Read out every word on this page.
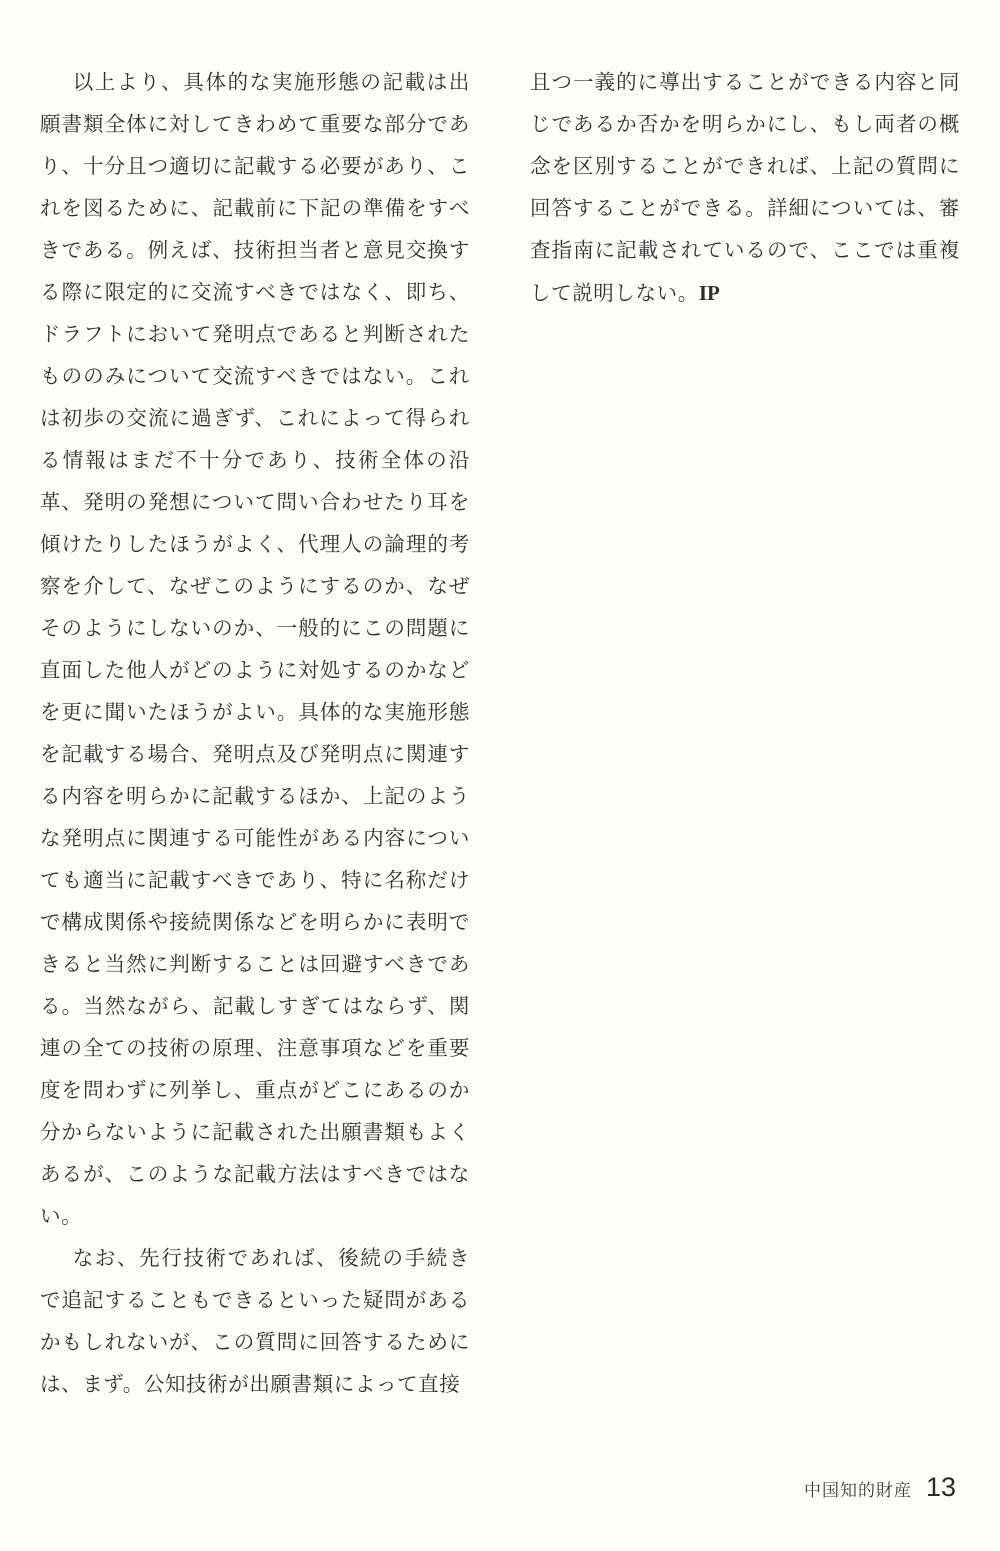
以上より、具体的な実施形態の記載は出願書類全体に対してきわめて重要な部分であり、十分且つ適切に記載する必要があり、これを図るために、記載前に下記の準備をすべきである。例えば、技術担当者と意見交換する際に限定的に交流すべきではなく、即ち、ドラフトにおいて発明点であると判断されたもののみについて交流すべきではない。これは初歩の交流に過ぎず、これによって得られる情報はまだ不十分であり、技術全体の沿革、発明の発想について問い合わせたり耳を傾けたりしたほうがよく、代理人の論理的考察を介して、なぜこのようにするのか、なぜそのようにしないのか、一般的にこの問題に直面した他人がどのように対処するのかなどを更に聞いたほうがよい。具体的な実施形態を記載する場合、発明点及び発明点に関連する内容を明らかに記載するほか、上記のような発明点に関連する可能性がある内容についても適当に記載すべきであり、特に名称だけで構成関係や接続関係などを明らかに表明できると当然に判断することは回避すべきである。当然ながら、記載しすぎてはならず、関連の全ての技術の原理、注意事項などを重要度を問わずに列挙し、重点がどこにあるのか分からないように記載された出願書類もよくあるが、このような記載方法はすべきではない。

なお、先行技術であれば、後続の手続きで追記することもできるといった疑問があるかもしれないが、この質問に回答するためには、まず。公知技術が出願書類によって直接

且つ一義的に導出することができる内容と同じであるか否かを明らかにし、もし両者の概念を区別することができれば、上記の質問に回答することができる。詳細については、審査指南に記載されているので、ここでは重複して説明しない。IP

中国知的財産 13
